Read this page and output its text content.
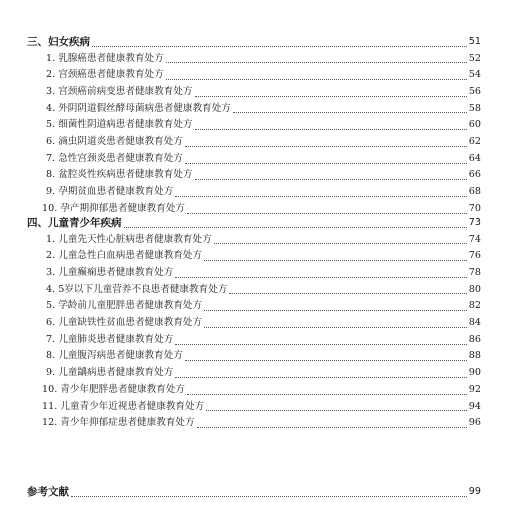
三、妇女疾病	51
1. 乳腺癌患者健康教育处方	52
2. 宫颈癌患者健康教育处方	54
3. 宫颈癌前病变患者健康教育处方	56
4. 外阴阴道假丝酵母菌病患者健康教育处方	58
5. 细菌性阴道病患者健康教育处方	60
6. 滴虫阴道炎患者健康教育处方	62
7. 急性宫颈炎患者健康教育处方	64
8. 盆腔炎性疾病患者健康教育处方	66
9. 孕期贫血患者健康教育处方	68
10. 孕产期抑郁患者健康教育处方	70
四、儿童青少年疾病	73
1. 儿童先天性心脏病患者健康教育处方	74
2. 儿童急性白血病患者健康教育处方	76
3. 儿童癫痫患者健康教育处方	78
4. 5岁以下儿童营养不良患者健康教育处方	80
5. 学龄前儿童肥胖患者健康教育处方	82
6. 儿童缺铁性贫血患者健康教育处方	84
7. 儿童肺炎患者健康教育处方	86
8. 儿童腹泻病患者健康教育处方	88
9. 儿童龋病患者健康教育处方	90
10. 青少年肥胖患者健康教育处方	92
11. 儿童青少年近视患者健康教育处方	94
12. 青少年抑郁症患者健康教育处方	96
参考文献	99
